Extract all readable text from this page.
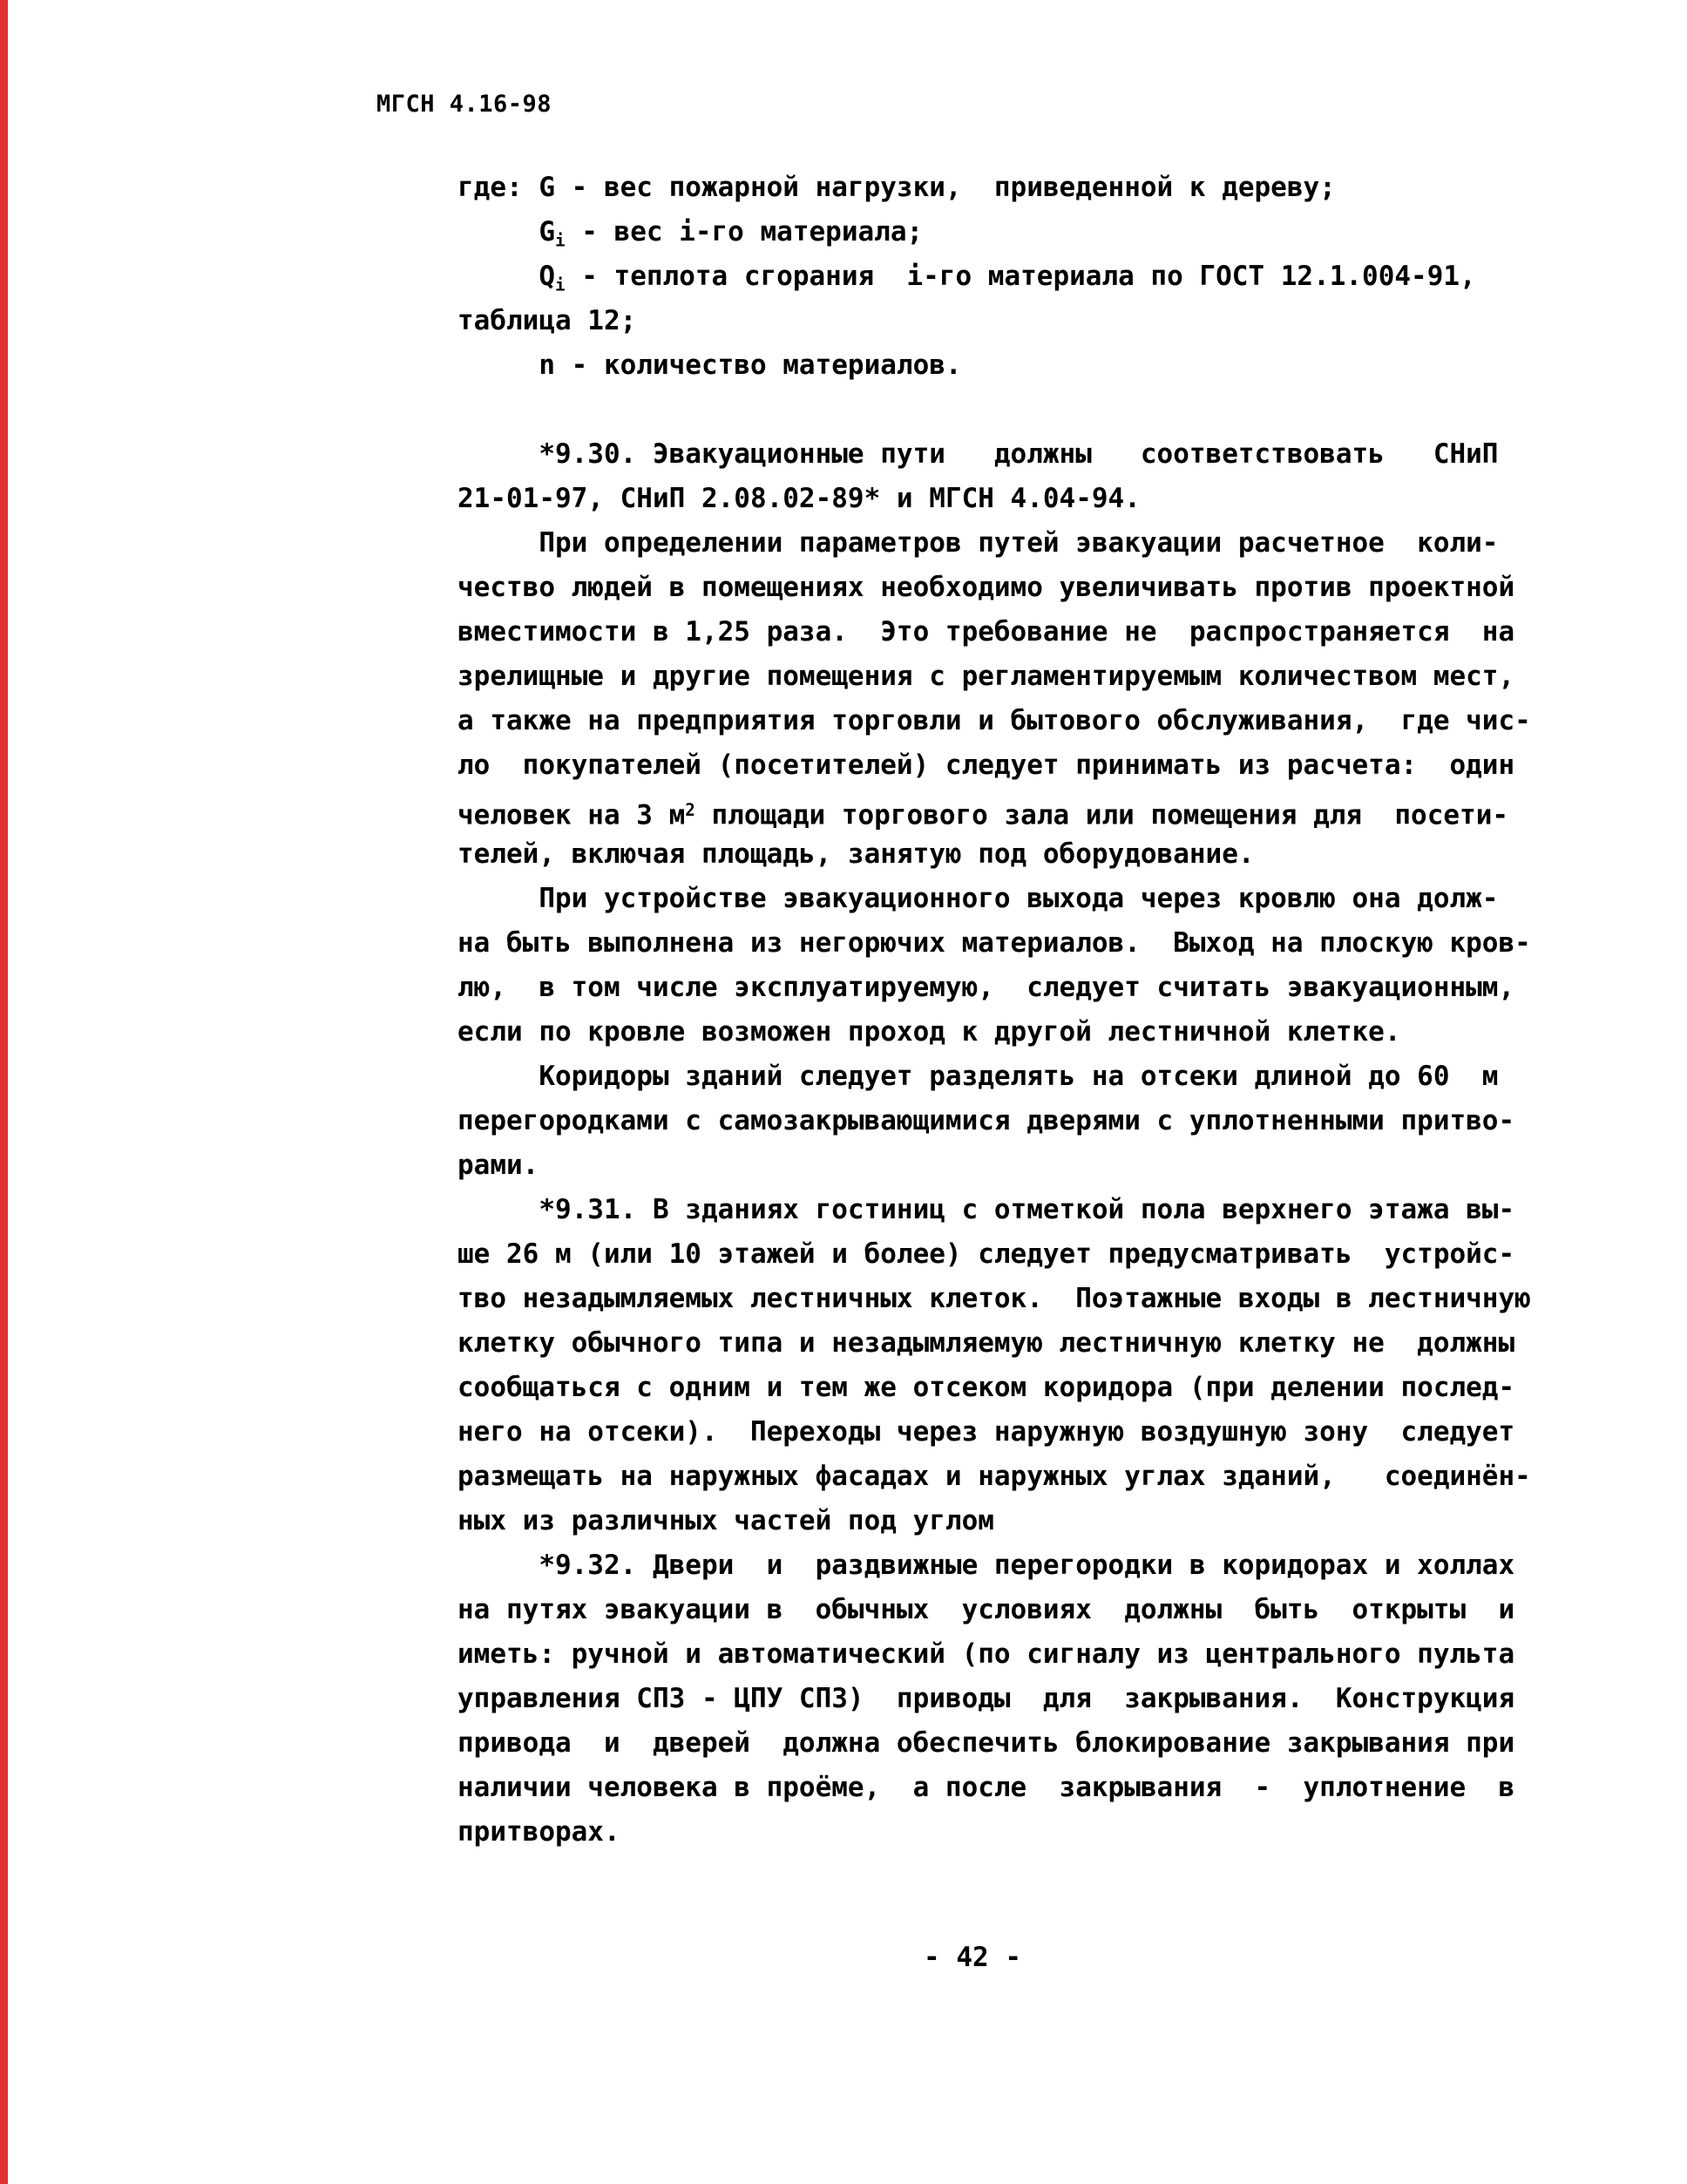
МГСН 4.16-98
где: G - вес пожарной нагрузки,  приведенной к дереву;
$G_i$ - вес i-го материала;
$Q_i$ - теплота сгорания  i-го материала по ГОСТ 12.1.004-91,
таблица 12;
n - количество материалов.
*9.30. Эвакуационные пути   должны   соответствовать   СНиП
21-01-97, СНиП 2.08.02-89* и МГСН 4.04-94.
При определении параметров путей эвакуации расчетное  коли-
чество людей в помещениях необходимо увеличивать против проектной
вместимости в 1,25 раза.  Это требование не  распространяется  на
зрелищные и другие помещения с регламентируемым количеством мест,
а также на предприятия торговли и бытового обслуживания,  где чис-
ло  покупателей (посетителей) следует принимать из расчета:  один
человек на 3 $м^2$ площади торгового зала или помещения для  посети-
телей, включая площадь, занятую под оборудование.
При устройстве эвакуационного выхода через кровлю она долж-
на быть выполнена из негорючих материалов.  Выход на плоскую кров-
лю,  в том числе эксплуатируемую,  следует считать эвакуационным,
если по кровле возможен проход к другой лестничной клетке.
Коридоры зданий следует разделять на отсеки длиной до 60  м
перегородками с самозакрывающимися дверями с уплотненными притво-
рами.
*9.31. В зданиях гостиниц с отметкой пола верхнего этажа вы-
ше 26 м (или 10 этажей и более) следует предусматривать  устройс-
тво незадымляемых лестничных клеток.  Поэтажные входы в лестничную
клетку обычного типа и незадымляемую лестничную клетку не  должны
сообщаться с одним и тем же отсеком коридора (при делении послед-
него на отсеки).  Переходы через наружную воздушную зону  следует
размещать на наружных фасадах и наружных углах зданий,   соединён-
ных из различных частей под углом
*9.32. Двери  и  раздвижные перегородки в коридорах и холлах
на путях эвакуации в  обычных  условиях  должны  быть  открыты  и
иметь: ручной и автоматический (по сигналу из центрального пульта
управления СПЗ - ЦПУ СПЗ)  приводы  для  закрывания.  Конструкция
привода  и  дверей  должна обеспечить блокирование закрывания при
наличии человека в проёме,  а после  закрывания  -  уплотнение  в
притворах.
- 42 -
